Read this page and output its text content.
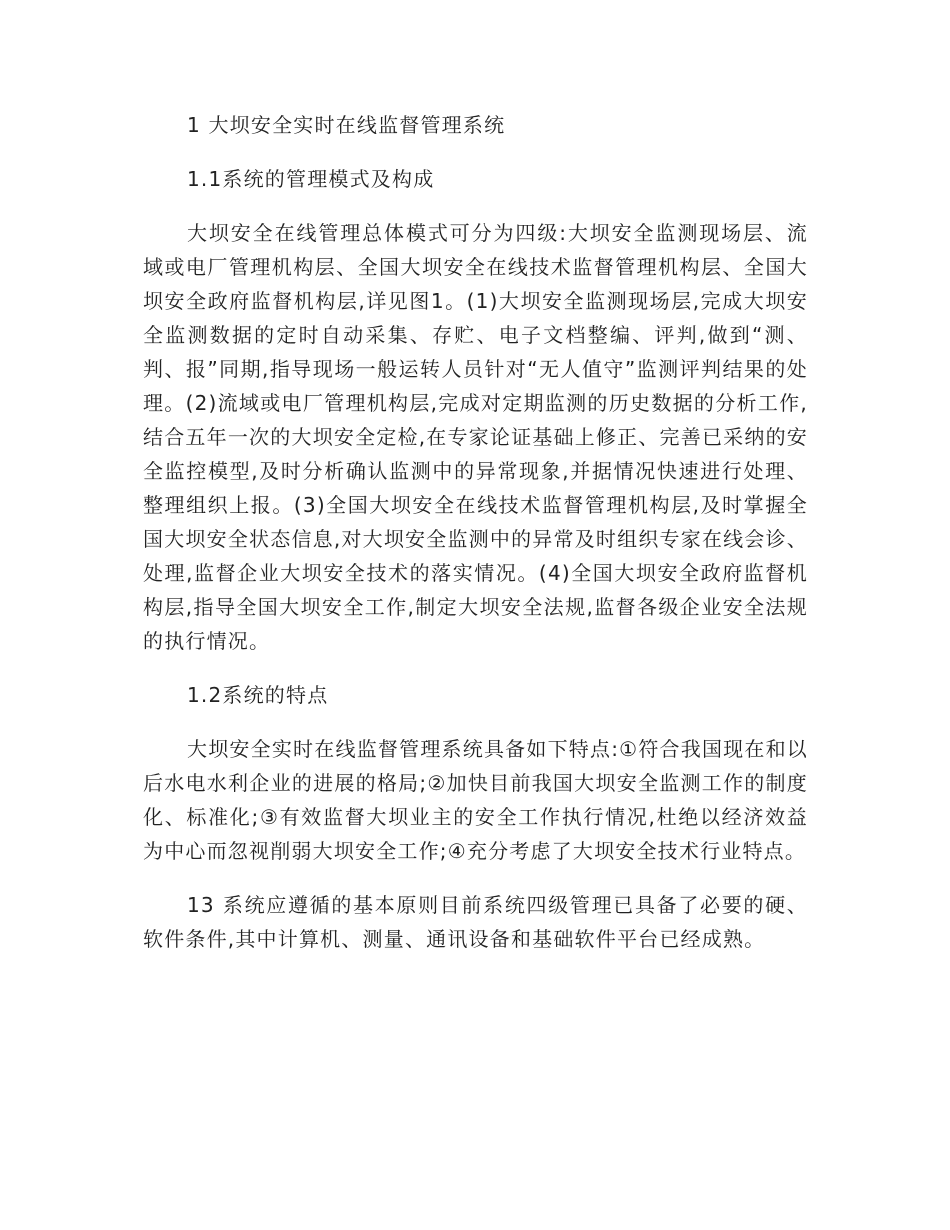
1 大坝安全实时在线监督管理系统
1.1系统的管理模式及构成

大坝安全在线管理总体模式可分为四级:大坝安全监测现场层、流域或电厂管理机构层、全国大坝安全在线技术监督管理机构层、全国大坝安全政府监督机构层,详见图1。(1)大坝安全监测现场层,完成大坝安全监测数据的定时自动采集、存贮、电子文档整编、评判,做到“测、判、报”同期,指导现场一般运转人员针对“无人值守”监测评判结果的处理。(2)流域或电厂管理机构层,完成对定期监测的历史数据的分析工作,结合五年一次的大坝安全定检,在专家论证基础上修正、完善已采纳的安全监控模型,及时分析确认监测中的异常现象,并据情况快速进行处理、整理组织上报。(3)全国大坝安全在线技术监督管理机构层,及时掌握全国大坝安全状态信息,对大坝安全监测中的异常及时组织专家在线会诊、处理,监督企业大坝安全技术的落实情况。(4)全国大坝安全政府监督机构层,指导全国大坝安全工作,制定大坝安全法规,监督各级企业安全法规的执行情况。

1.2系统的特点

大坝安全实时在线监督管理系统具备如下特点:①符合我国现在和以后水电水利企业的进展的格局;②加快目前我国大坝安全监测工作的制度化、标准化;③有效监督大坝业主的安全工作执行情况,杜绝以经济效益为中心而忽视削弱大坝安全工作;④充分考虑了大坝安全技术行业特点。

13 系统应遵循的基本原则目前系统四级管理已具备了必要的硬、软件条件,其中计算机、测量、通讯设备和基础软件平台已经成熟。
